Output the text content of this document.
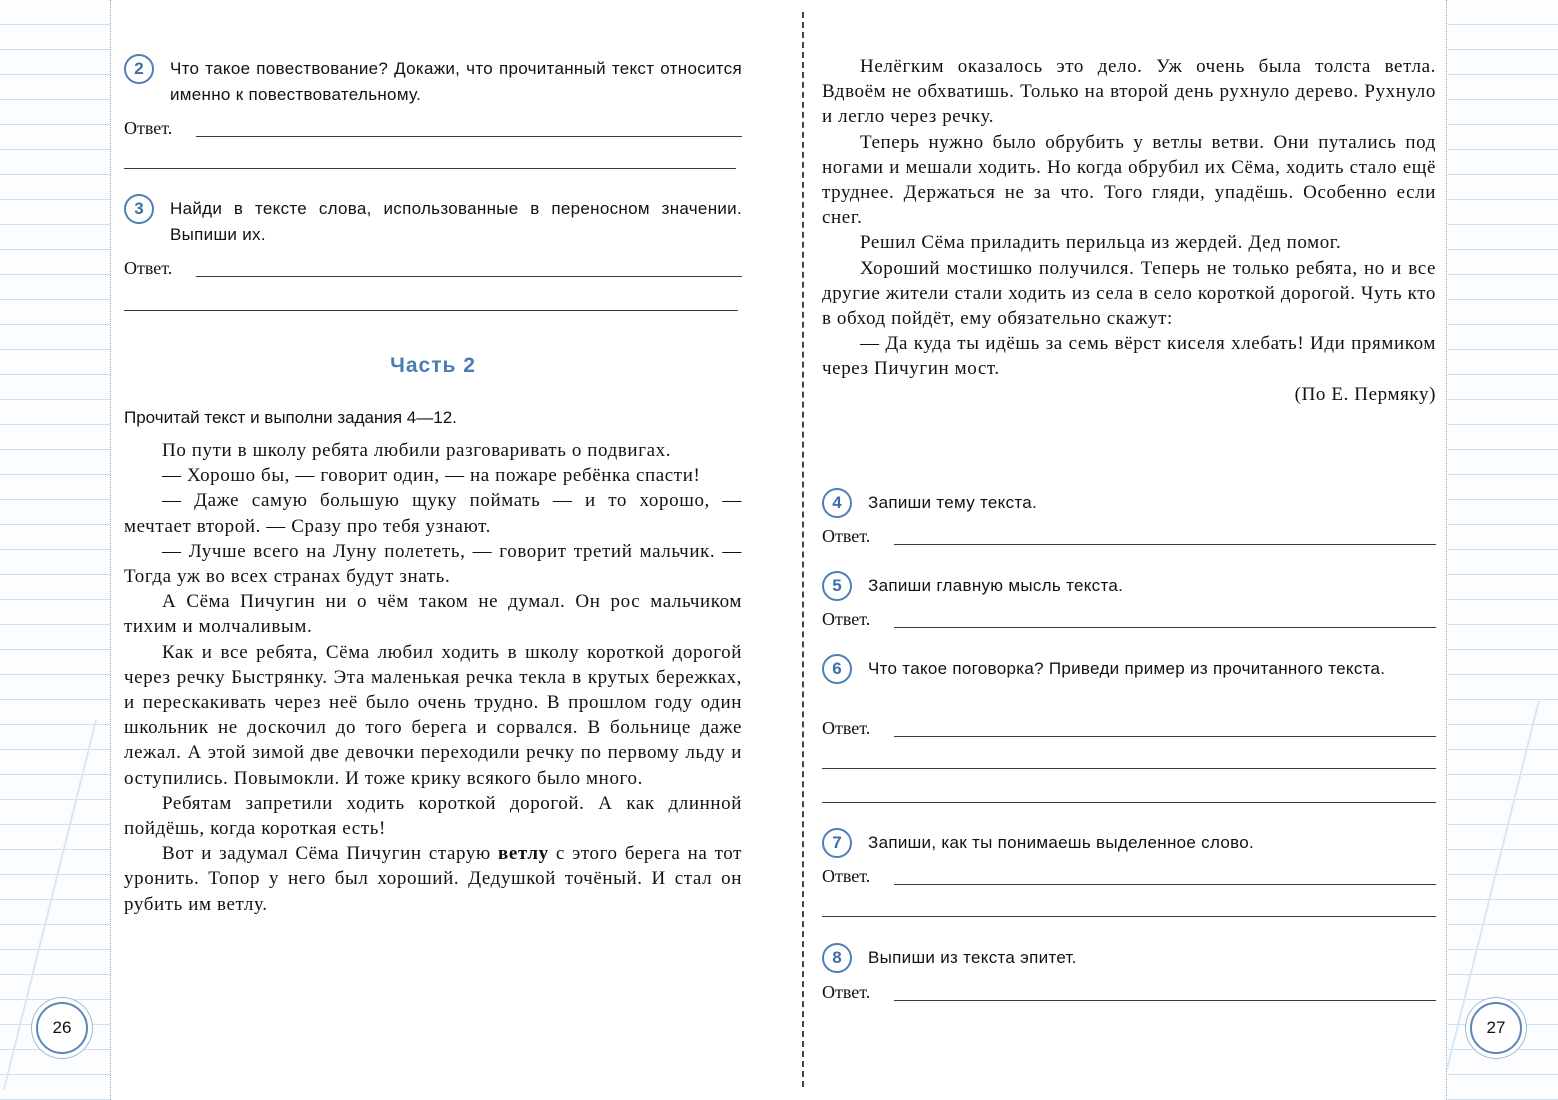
26	27
2	Что такое повествование? Докажи, что прочитанный текст относится именно к повествовательному.
Ответ.
3	Найди в тексте слова, использованные в переносном значении. Выпиши их.
Ответ.
Часть 2
Прочитай текст и выполни задания 4—12.

По пути в школу ребята любили разговаривать о подвигах.

— Хорошо бы, — говорит один, — на пожаре ребёнка спасти!

— Даже самую большую щуку поймать — и то хорошо, — мечтает второй. — Сразу про тебя узнают.

— Лучше всего на Луну полететь, — говорит третий мальчик. — Тогда уж во всех странах будут знать.

А Сёма Пичугин ни о чём таком не думал. Он рос мальчиком тихим и молчаливым.

Как и все ребята, Сёма любил ходить в школу короткой дорогой через речку Быстрянку. Эта маленькая речка текла в крутых бережках, и перескакивать через неё было очень трудно. В прошлом году один школьник не доскочил до того берега и сорвался. В больнице даже лежал. А этой зимой две девочки переходили речку по первому льду и оступились. Повымокли. И тоже крику всякого было много.

Ребятам запретили ходить короткой дорогой. А как длинной пойдёшь, когда короткая есть!

Вот и задумал Сёма Пичугин старую ветлу с этого берега на тот уронить. Топор у него был хороший. Дедушкой точёный. И стал он рубить им ветлу.

Нелёгким оказалось это дело. Уж очень была толста ветла. Вдвоём не обхватишь. Только на второй день рухнуло дерево. Рухнуло и легло через речку.

Теперь нужно было обрубить у ветлы ветви. Они путались под ногами и мешали ходить. Но когда обрубил их Сёма, ходить стало ещё труднее. Держаться не за что. Того гляди, упадёшь. Особенно если снег.

Решил Сёма приладить перильца из жердей. Дед помог.

Хороший мостишко получился. Теперь не только ребята, но и все другие жители стали ходить из села в село короткой дорогой. Чуть кто в обход пойдёт, ему обязательно скажут:

— Да куда ты идёшь за семь вёрст киселя хлебать! Иди прямиком через Пичугин мост.

(По Е. Пермяку)

4	Запиши тему текста.
Ответ.
5	Запиши главную мысль текста.
Ответ.
6	Что такое поговорка? Приведи пример из прочитанного текста.
Ответ.
7	Запиши, как ты понимаешь выделенное слово.
Ответ.
8	Выпиши из текста эпитет.
Ответ.
